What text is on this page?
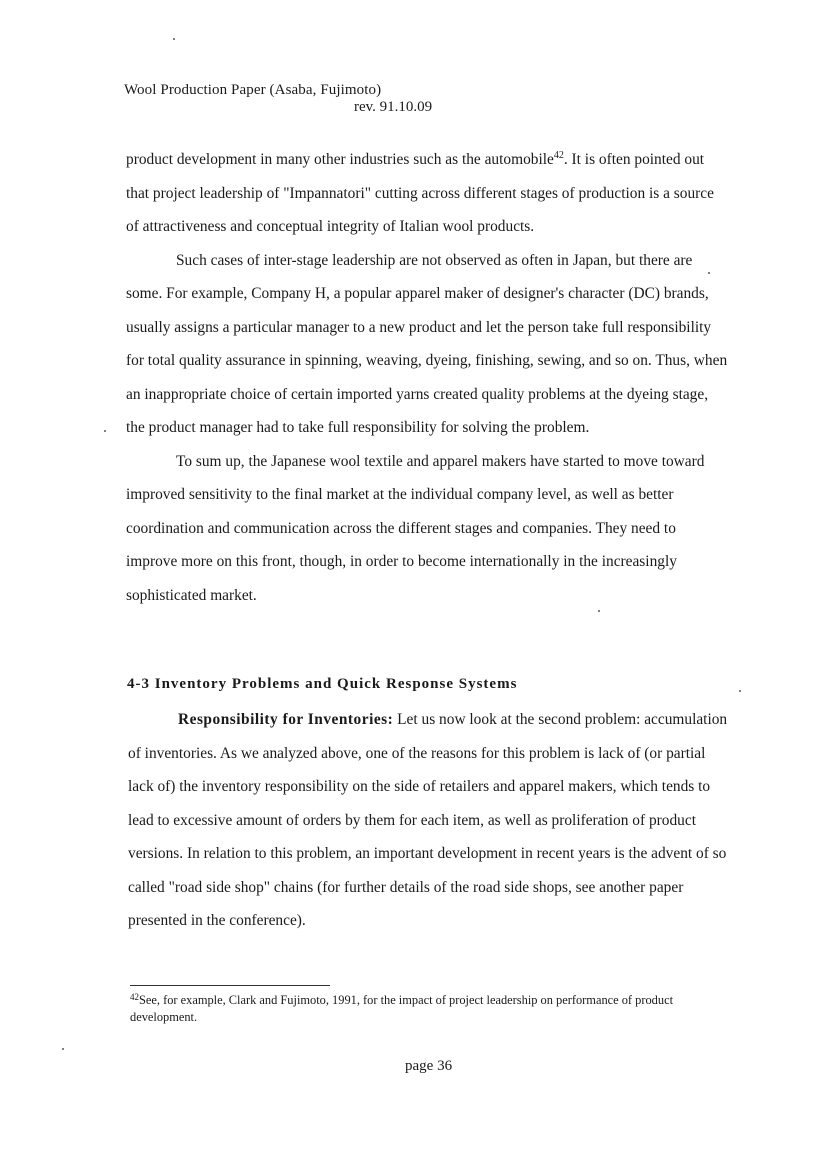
Wool Production Paper (Asaba, Fujimoto)
rev. 91.10.09

product development in many other industries such as the automobile$^{42}$. It is often pointed out that project leadership of "Impannatori" cutting across different stages of production is a source of attractiveness and conceptual integrity of Italian wool products.

Such cases of inter-stage leadership are not observed as often in Japan, but there are some. For example, Company H, a popular apparel maker of designer's character (DC) brands, usually assigns a particular manager to a new product and let the person take full responsibility for total quality assurance in spinning, weaving, dyeing, finishing, sewing, and so on. Thus, when an inappropriate choice of certain imported yarns created quality problems at the dyeing stage, the product manager had to take full responsibility for solving the problem.

To sum up, the Japanese wool textile and apparel makers have started to move toward improved sensitivity to the final market at the individual company level, as well as better coordination and communication across the different stages and companies. They need to improve more on this front, though, in order to become internationally in the increasingly sophisticated market.

4-3 Inventory Problems and Quick Response Systems

Responsibility for Inventories: Let us now look at the second problem: accumulation of inventories. As we analyzed above, one of the reasons for this problem is lack of (or partial lack of) the inventory responsibility on the side of retailers and apparel makers, which tends to lead to excessive amount of orders by them for each item, as well as proliferation of product versions. In relation to this problem, an important development in recent years is the advent of so called "road side shop" chains (for further details of the road side shops, see another paper presented in the conference).

$^{42}$See, for example, Clark and Fujimoto, 1991, for the impact of project leadership on performance of product development.
page 36
